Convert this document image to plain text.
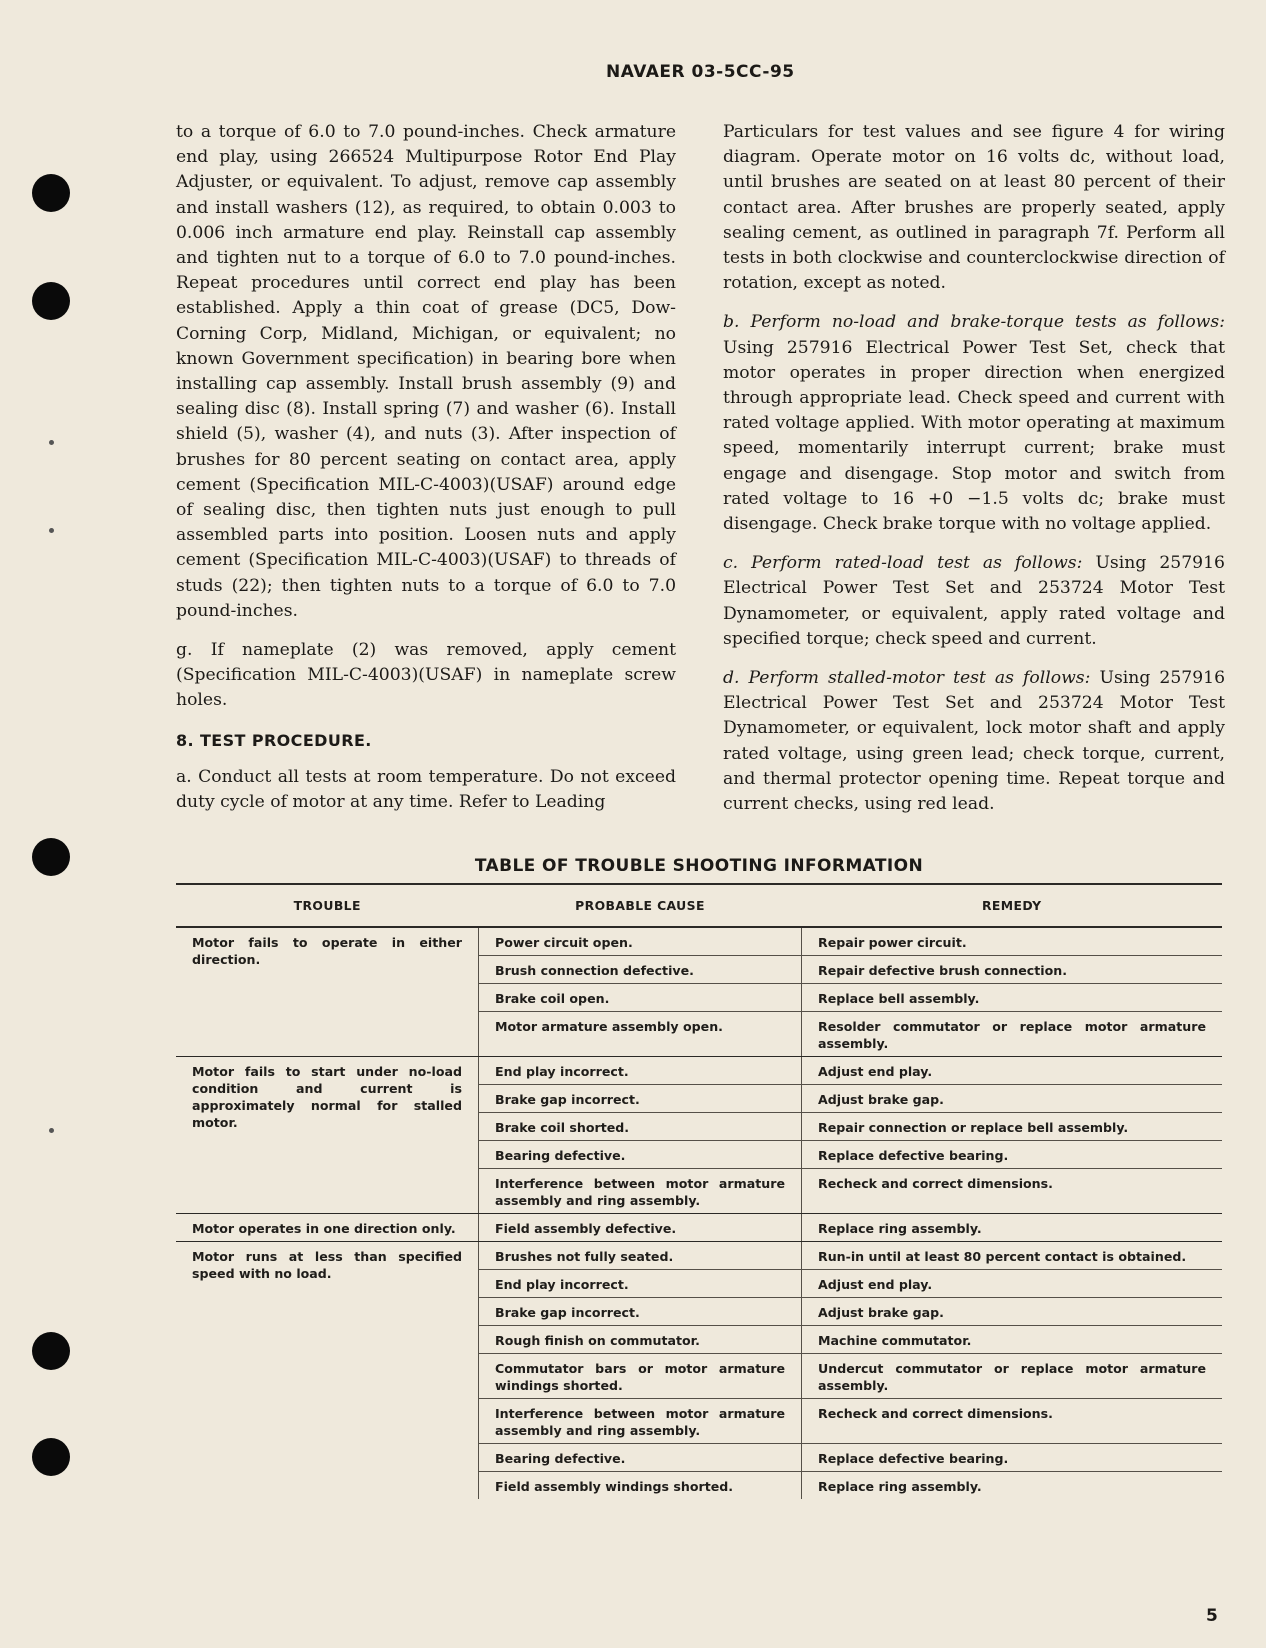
NAVAER 03-5CC-95

to a torque of 6.0 to 7.0 pound-inches. Check armature end play, using 266524 Multipurpose Rotor End Play Adjuster, or equivalent. To adjust, remove cap assembly and install washers (12), as required, to obtain 0.003 to 0.006 inch armature end play. Reinstall cap assembly and tighten nut to a torque of 6.0 to 7.0 pound-inches. Repeat procedures until correct end play has been established. Apply a thin coat of grease (DC5, Dow-Corning Corp, Midland, Michigan, or equivalent; no known Government specification) in bearing bore when installing cap assembly. Install brush assembly (9) and sealing disc (8). Install spring (7) and washer (6). Install shield (5), washer (4), and nuts (3). After inspection of brushes for 80 percent seating on contact area, apply cement (Specification MIL-C-4003)(USAF) around edge of sealing disc, then tighten nuts just enough to pull assembled parts into position. Loosen nuts and apply cement (Specification MIL-C-4003)(USAF) to threads of studs (22); then tighten nuts to a torque of 6.0 to 7.0 pound-inches.

g. If nameplate (2) was removed, apply cement (Specification MIL-C-4003)(USAF) in nameplate screw holes.

8. TEST PROCEDURE.

a. Conduct all tests at room temperature. Do not exceed duty cycle of motor at any time. Refer to Leading

Particulars for test values and see figure 4 for wiring diagram. Operate motor on 16 volts dc, without load, until brushes are seated on at least 80 percent of their contact area. After brushes are properly seated, apply sealing cement, as outlined in paragraph 7f. Perform all tests in both clockwise and counterclockwise direction of rotation, except as noted.

b. Perform no-load and brake-torque tests as follows: Using 257916 Electrical Power Test Set, check that motor operates in proper direction when energized through appropriate lead. Check speed and current with rated voltage applied. With motor operating at maximum speed, momentarily interrupt current; brake must engage and disengage. Stop motor and switch from rated voltage to 16 +0 −1.5 volts dc; brake must disengage. Check brake torque with no voltage applied.

c. Perform rated-load test as follows: Using 257916 Electrical Power Test Set and 253724 Motor Test Dynamometer, or equivalent, apply rated voltage and specified torque; check speed and current.

d. Perform stalled-motor test as follows: Using 257916 Electrical Power Test Set and 253724 Motor Test Dynamometer, or equivalent, lock motor shaft and apply rated voltage, using green lead; check torque, current, and thermal protector opening time. Repeat torque and current checks, using red lead.

TABLE OF TROUBLE SHOOTING INFORMATION
TROUBLE	PROBABLE CAUSE	REMEDY
Motor fails to operate in either direction.	Power circuit open.	Repair power circuit.
	Brush connection defective.	Repair defective brush connection.
	Brake coil open.	Replace bell assembly.
	Motor armature assembly open.	Resolder commutator or replace motor armature assembly.
Motor fails to start under no-load condition and current is approximately normal for stalled motor.	End play incorrect.	Adjust end play.
	Brake gap incorrect.	Adjust brake gap.
	Brake coil shorted.	Repair connection or replace bell assembly.
	Bearing defective.	Replace defective bearing.
	Interference between motor armature assembly and ring assembly.	Recheck and correct dimensions.
Motor operates in one direction only.	Field assembly defective.	Replace ring assembly.
Motor runs at less than specified speed with no load.	Brushes not fully seated.	Run-in until at least 80 percent contact is obtained.
	End play incorrect.	Adjust end play.
	Brake gap incorrect.	Adjust brake gap.
	Rough finish on commutator.	Machine commutator.
	Commutator bars or motor armature windings shorted.	Undercut commutator or replace motor armature assembly.
	Interference between motor armature assembly and ring assembly.	Recheck and correct dimensions.
	Bearing defective.	Replace defective bearing.
	Field assembly windings shorted.	Replace ring assembly.
5
